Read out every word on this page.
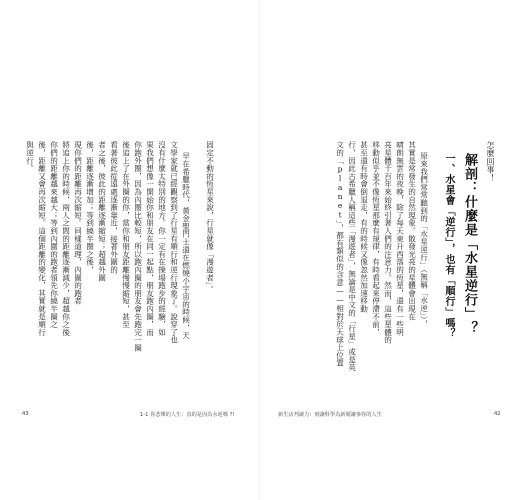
固定不動的恆星來說，行星就像「漫遊者」。
早在希臘時代，黃金聖門士還在燃燒小宇宙的時候，天
文學家就已經觀察到了行星有順行和逆行現象了。說穿了也
沒有什麼太特別的地方。你一定有在操場跑步的經驗，如
果我們想像一開始你和朋友在同一起點，朋友跑內圈，而
你跑外圈，因為內圈比較短，所以跑內圈的朋友會先跑完一圈
後追上了在外圈的你，當你和朋友距離慢慢縮短，甚至
看著彼此從遠處逐漸靠近，接著外圍的
者之後，彼此的距離逐漸縮短；超越外圍
後，距離逐漸增加；等到繞半圈之後，
現你們的距離再次縮短。同樣道理，內圍的跑者
將追上你的時候，兩人之間的距離逐漸減少，超越你之後
你們的距離越來越大；等到內圍的跑者領先你繞半圈之
後，距離又會再次縮短。這個距離的變化，其實就是順行
與逆行。
43	1-1 你悲慘的人生：真的是因為水逆嗎 ?!
怎麼回事！
解剖：什麼是「水星逆行」？
一、水星會「逆行」，也有「順行」嗎？
原來我們常常聽到的「水星逆行」（無稱「水逆」），
其實是常發生的自然現象。散發光亮的星體會出現在
晴朗無雲的夜晚，除了每天東升西落的恆星，還有一些明
亮星體千百年來始終引著人們的注意力。然而，這些星體的
移動似乎並不像恆星那麼有規律，有時看起來停滯不前，
甚至還有時會倒退走，有的時候又像忽然加速移動
行，因此古希臘人稱這些「漫遊者」，無論是中文的「行星」或是英
文的「planet」，都有類似的含意——相對於天球上位置
新生活判讀力：到讓科學為新聞讓事你的人生	42
